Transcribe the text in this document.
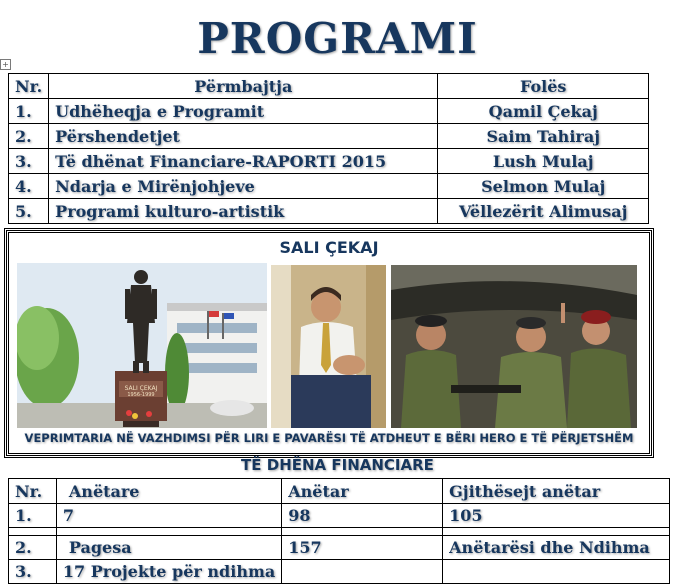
PROGRAMI
+
Nr.	Përmbajtja	Folës
1.	Udhëheqja e Programit	Qamil Çekaj
2.	Përshendetjet	Saim Tahiraj
3.	Të dhënat Financiare-RAPORTI 2015	Lush Mulaj
4.	Ndarja e Mirënjohjeve	Selmon Mulaj
5.	Programi kulturo-artistik	Vëllezërit Alimusaj
SALI ÇEKAJ
SALI ÇEKAJ
1956-1999
VEPRIMTARIA NË VAZHDIMSI PËR LIRI E PAVARËSI TË ATDHEUT E BËRI HERO E TË PËRJETSHËM
TË DHËNA FINANCIARE
Nr.	Anëtare	Anëtar	Gjithësejt anëtar
1.	7	98	105

2.	Pagesa	157	Anëtarësi dhe Ndihma
3.	17 Projekte për ndihma		
